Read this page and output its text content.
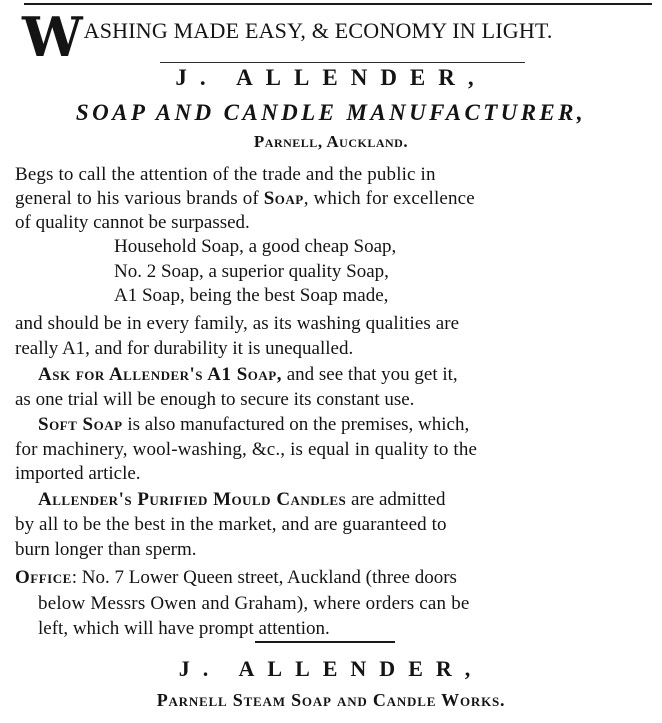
WASHING MADE EASY, & ECONOMY IN LIGHT.
J. ALLENDER,
SOAP AND CANDLE MANUFACTURER,
Parnell, Auckland.
Begs to call the attention of the trade and the public in
general to his various brands of Soap, which for excellence
of quality cannot be surpassed.
Household Soap, a good cheap Soap,
No. 2 Soap, a superior quality Soap,
A1 Soap, being the best Soap made,
and should be in every family, as its washing qualities are
really A1, and for durability it is unequalled.
Ask for Allender's A1 Soap, and see that you get it,
as one trial will be enough to secure its constant use.
Soft Soap is also manufactured on the premises, which,
for machinery, wool-washing, &c., is equal in quality to the
imported article.
Allender's Purified Mould Candles are admitted
by all to be the best in the market, and are guaranteed to
burn longer than sperm.
Office: No. 7 Lower Queen street, Auckland (three doors
below Messrs Owen and Graham), where orders can be
left, which will have prompt attention.
J. ALLENDER,
Parnell Steam Soap and Candle Works.
